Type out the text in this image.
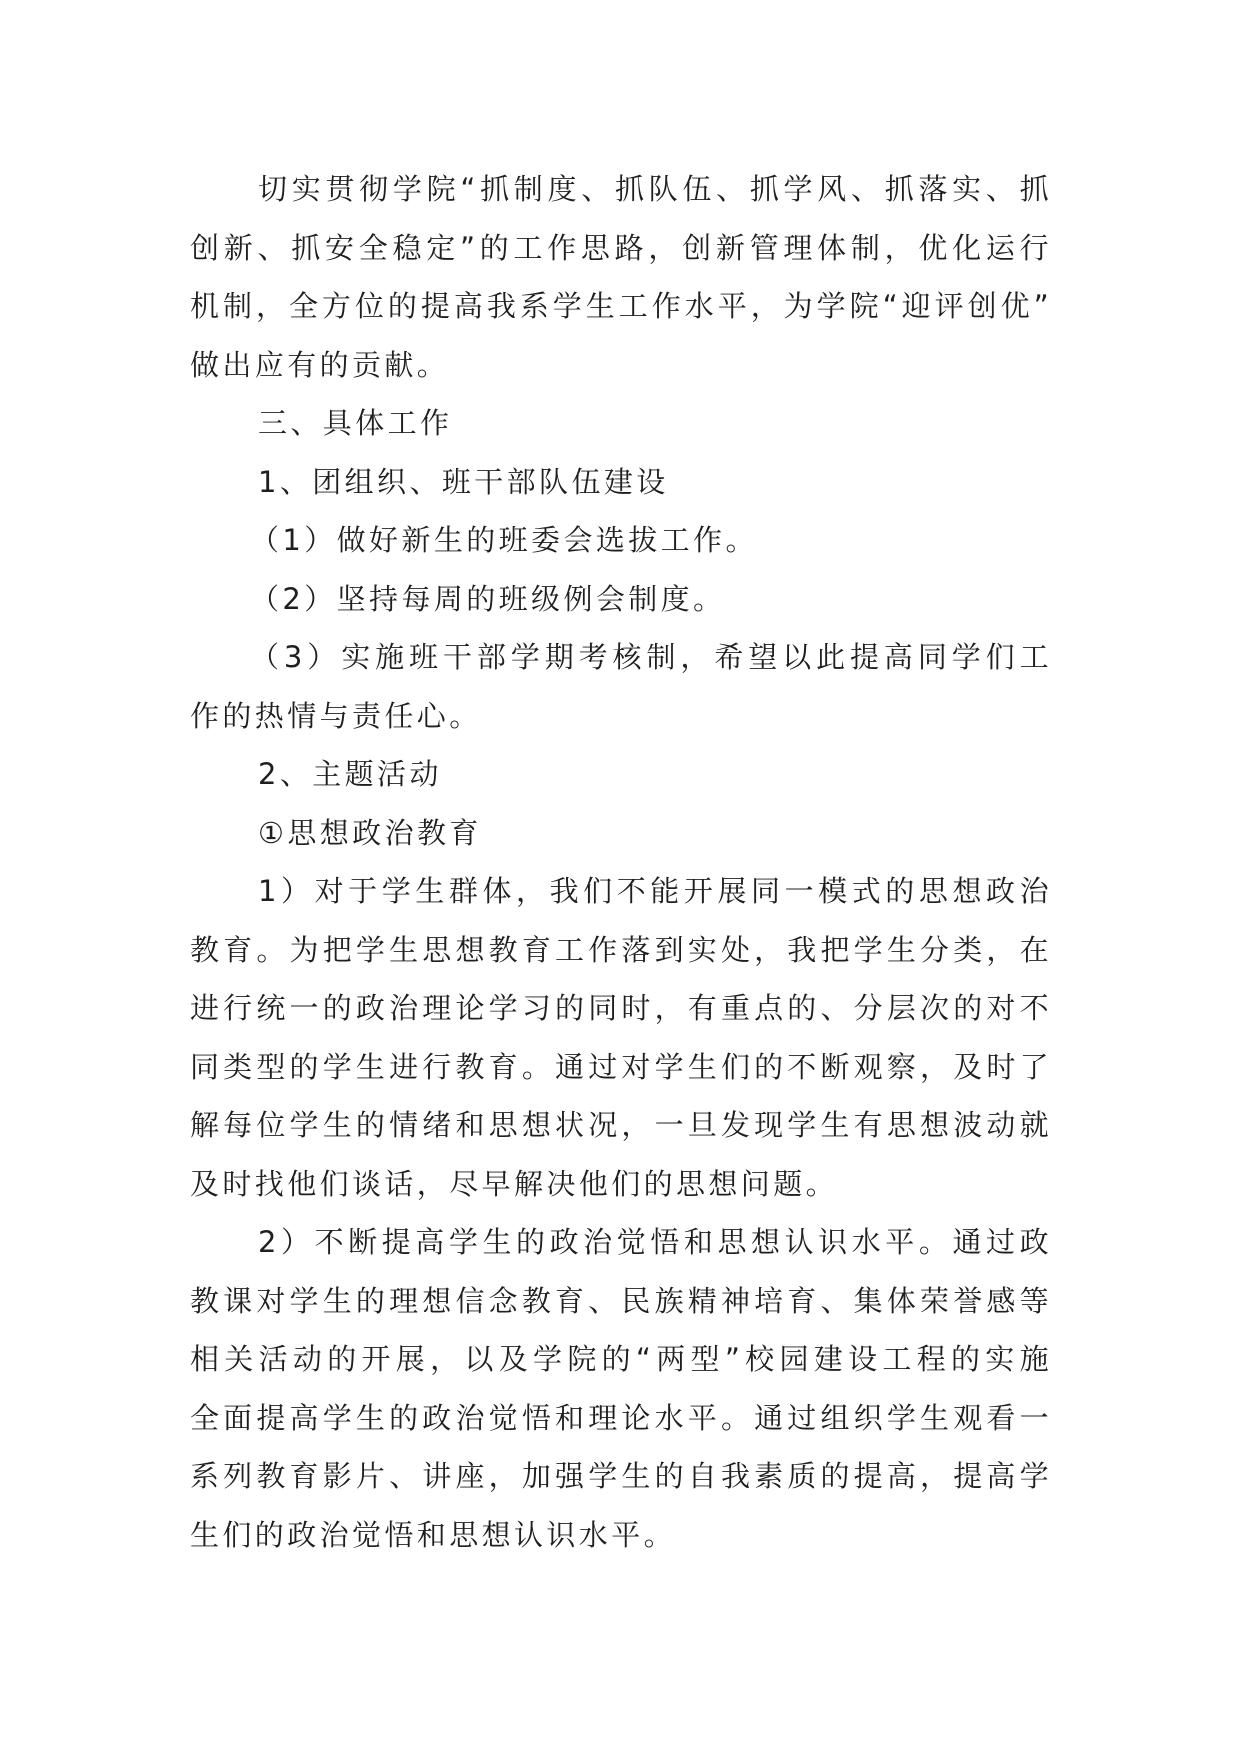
切实贯彻学院“抓制度、抓队伍、抓学风、抓落实、抓
创新、抓安全稳定”的工作思路，创新管理体制，优化运行
机制，全方位的提高我系学生工作水平，为学院“迎评创优”
做出应有的贡献。

三、具体工作

1、团组织、班干部队伍建设

（1）做好新生的班委会选拔工作。

（2）坚持每周的班级例会制度。

（3）实施班干部学期考核制，希望以此提高同学们工
作的热情与责任心。

2、主题活动

①思想政治教育

1）对于学生群体，我们不能开展同一模式的思想政治
教育。为把学生思想教育工作落到实处，我把学生分类，在
进行统一的政治理论学习的同时，有重点的、分层次的对不
同类型的学生进行教育。通过对学生们的不断观察，及时了
解每位学生的情绪和思想状况，一旦发现学生有思想波动就
及时找他们谈话，尽早解决他们的思想问题。

2）不断提高学生的政治觉悟和思想认识水平。通过政
教课对学生的理想信念教育、民族精神培育、集体荣誉感等
相关活动的开展，以及学院的“两型”校园建设工程的实施
全面提高学生的政治觉悟和理论水平。通过组织学生观看一
系列教育影片、讲座，加强学生的自我素质的提高，提高学
生们的政治觉悟和思想认识水平。
